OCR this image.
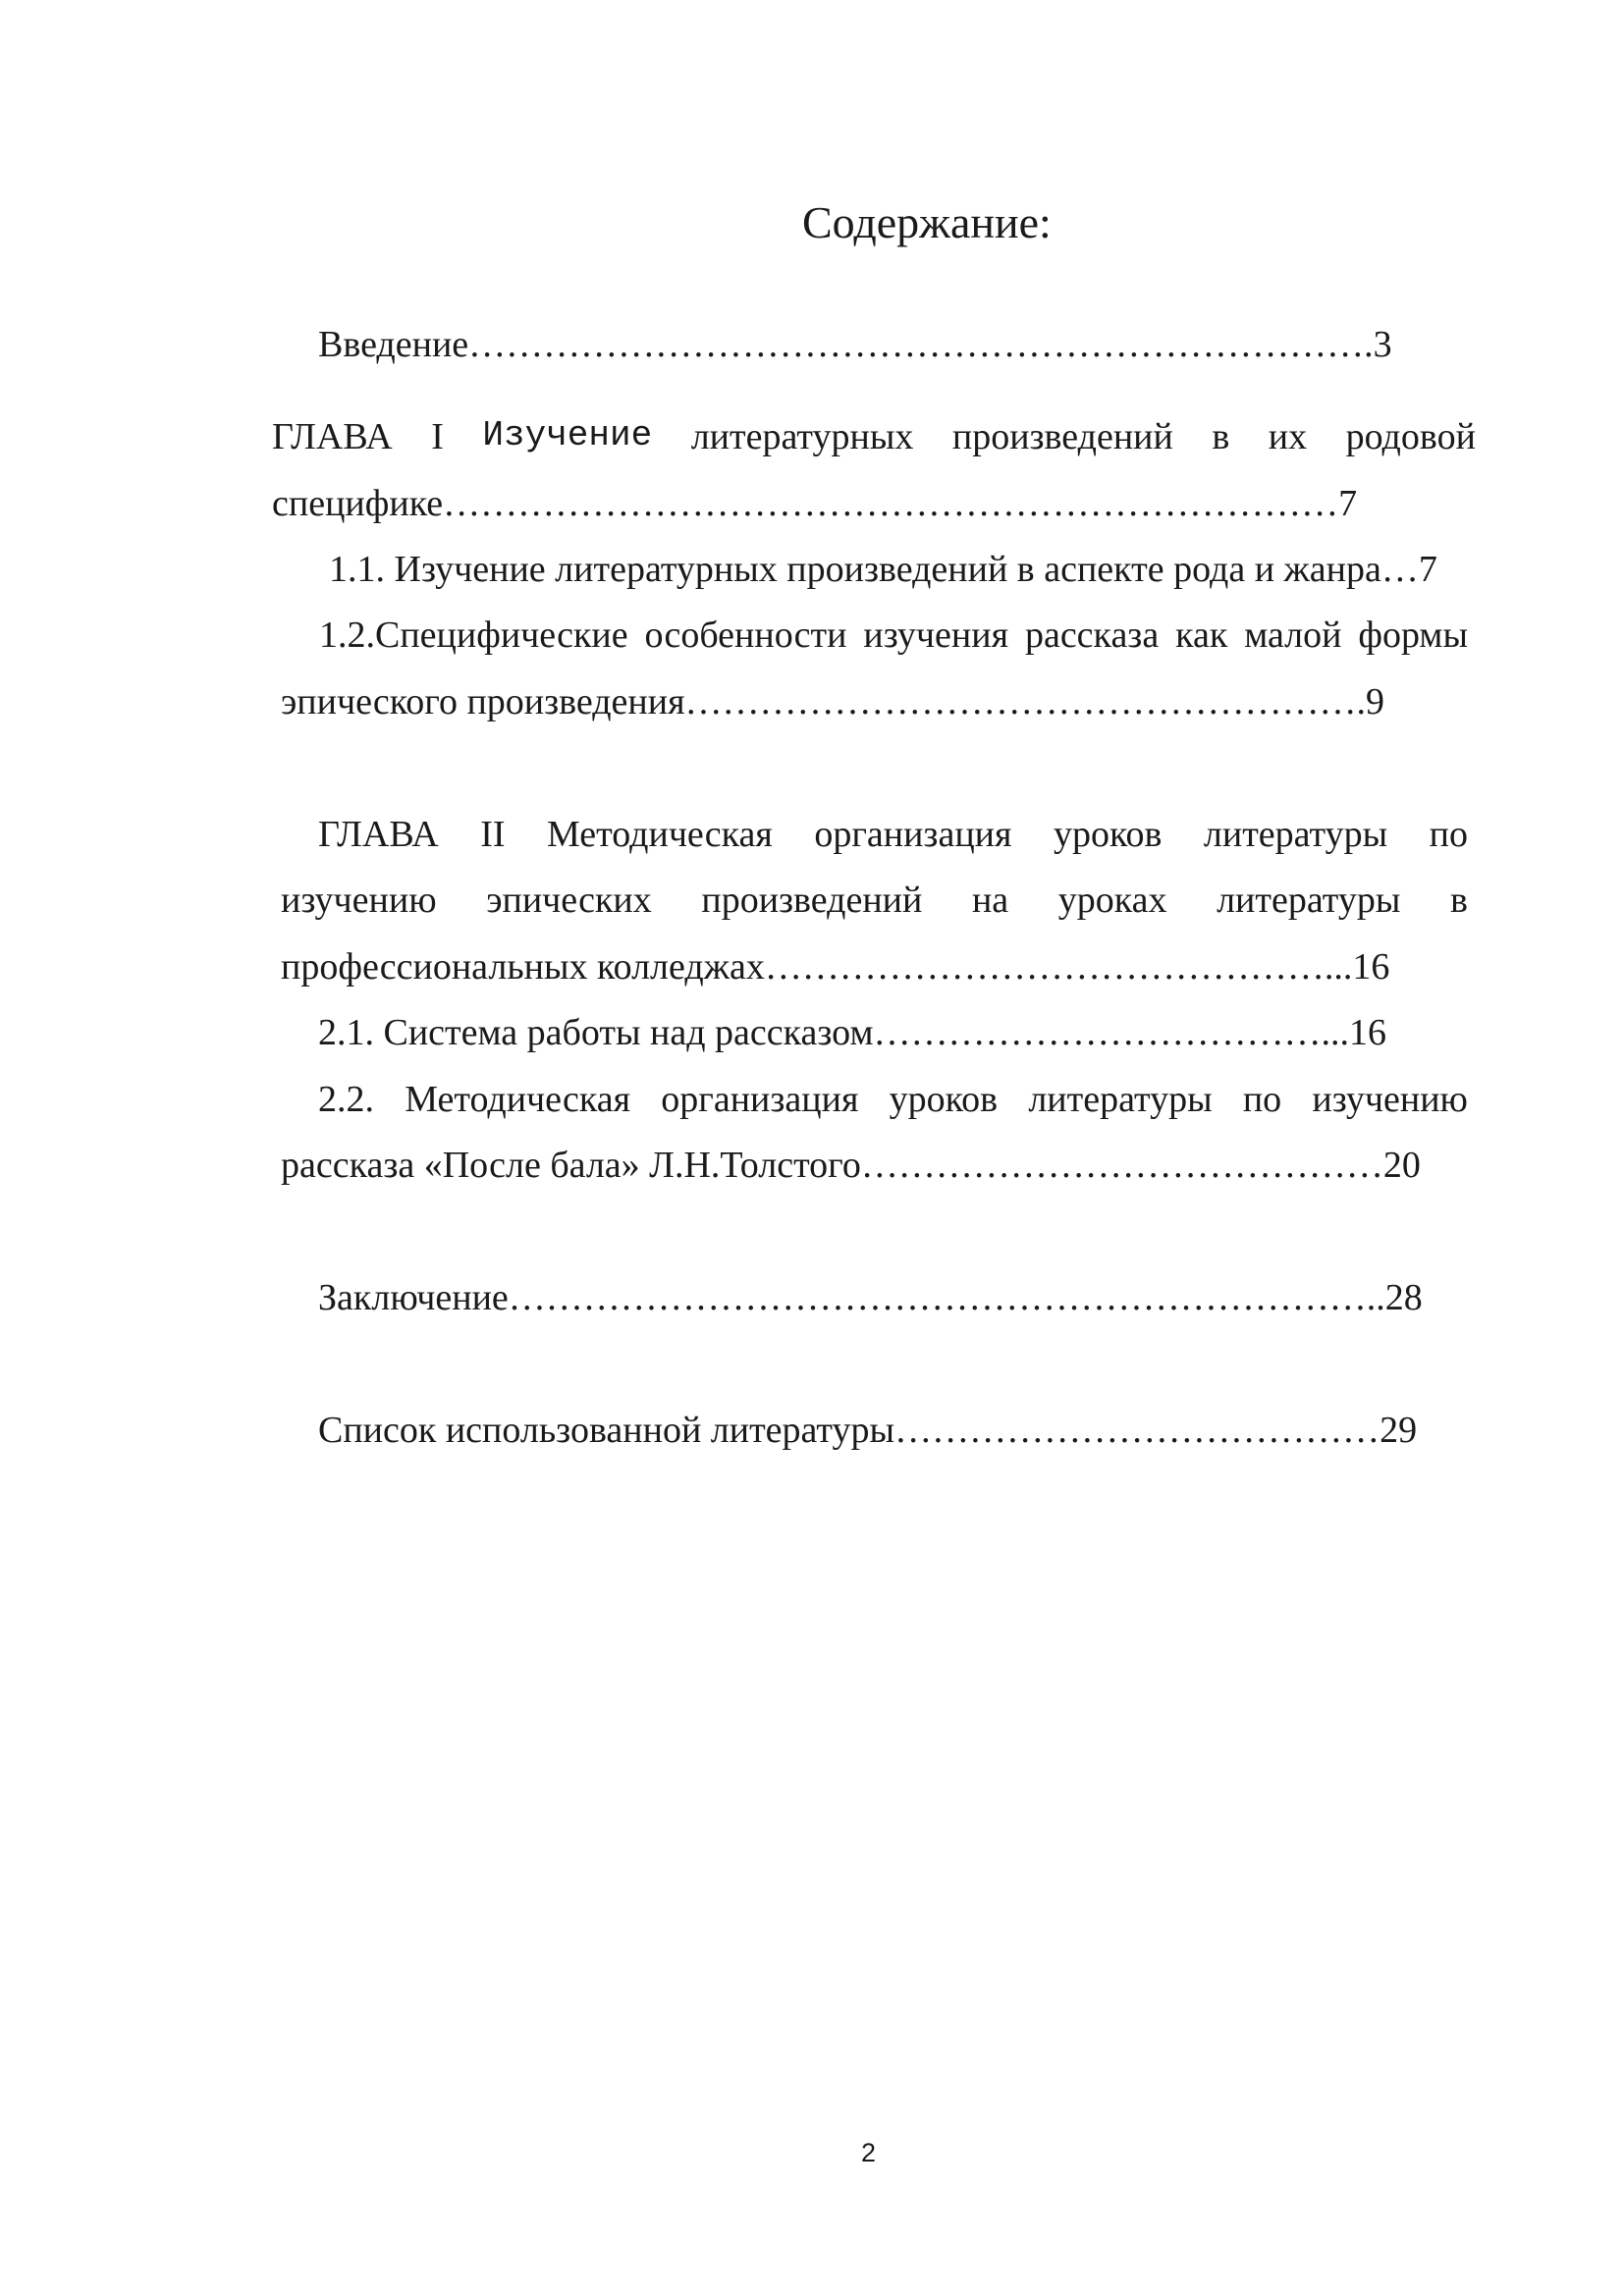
Содержание:
Введение……………………………………………………………….3
ГЛАВА I Изучение литературных произведений в их родовой
специфике………………………………………………………………7
1.1. Изучение литературных произведений в аспекте рода и жанра…7
1.2.Специфические особенности изучения рассказа как малой формы
эпического произведения……………………………………………….9
ГЛАВА II Методическая организация уроков литературы по
изучению эпических произведений на уроках литературы в
профессиональных колледжах………………………………………...16
2.1. Система работы над рассказом………………………………...16
2.2. Методическая организация уроков литературы по изучению
рассказа «После бала» Л.Н.Толстого……………………………………20
Заключение……………………………………………………………..28
Список использованной литературы…………………………………29
2
